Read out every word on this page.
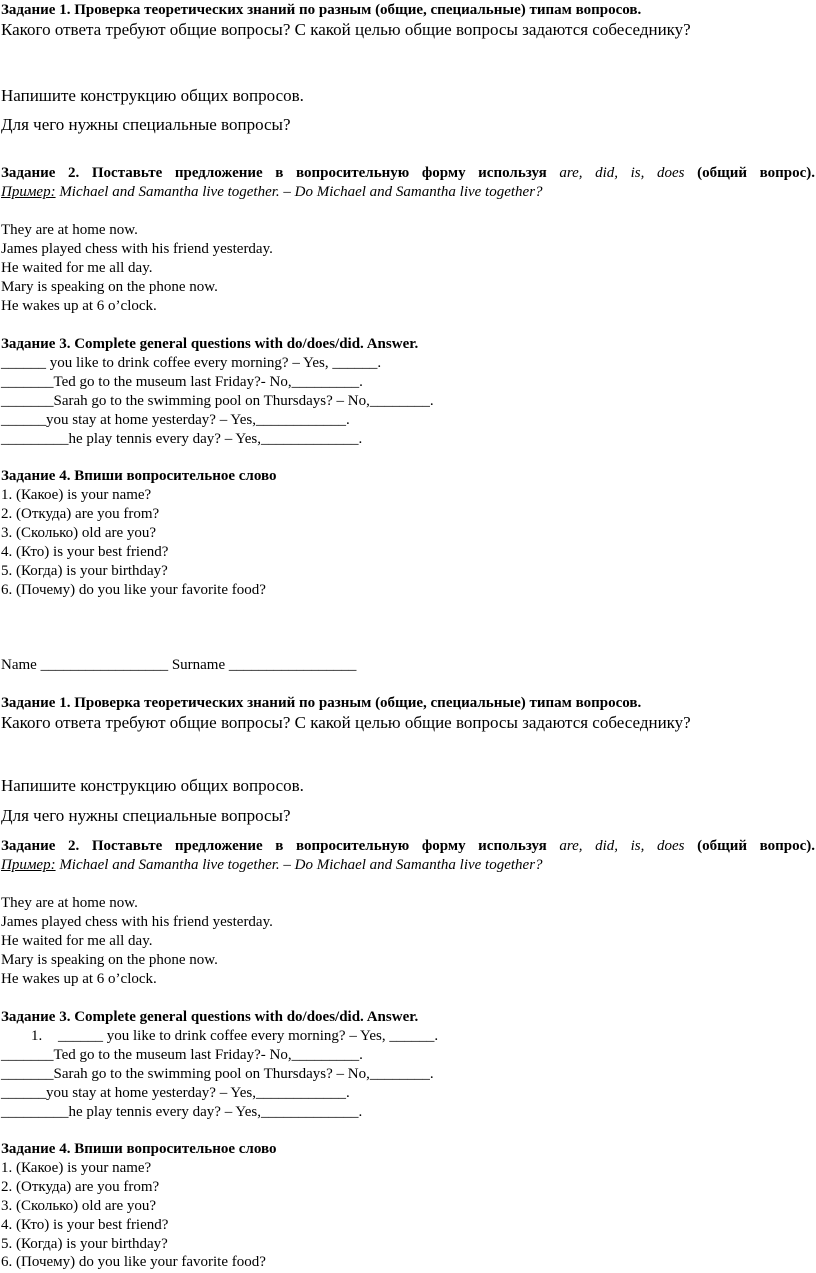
Задание 1. Проверка теоретических знаний по разным (общие, специальные) типам вопросов.
Какого ответа требуют общие вопросы? С какой целью общие вопросы задаются собеседнику?
Напишите конструкцию общих вопросов.
Для чего нужны специальные вопросы?
Задание 2. Поставьте предложение в вопросительную форму используя are, did, is, does (общий вопрос).
Пример: Michael and Samantha live together. – Do Michael and Samantha live together?
They are at home now.
James played chess with his friend yesterday.
He waited for me all day.
Mary is speaking on the phone now.
He wakes up at 6 o’clock.
Задание 3. Complete general questions with do/does/did. Answer.
______ you like to drink coffee every morning? – Yes, ______.
_______Ted go to the museum last Friday?- No,_________.
_______Sarah go to the swimming pool on Thursdays? – No,________.
______you stay at home yesterday? – Yes,____________.
_________he play tennis every day? – Yes,_____________.
Задание 4. Впиши вопросительное слово
1. (Какое) is your name?
2. (Откуда) are you from?
3. (Сколько) old are you?
4. (Кто) is your best friend?
5. (Когда) is your birthday?
6. (Почему) do you like your favorite food?
Name _________________ Surname _________________
Задание 1. Проверка теоретических знаний по разным (общие, специальные) типам вопросов.
Какого ответа требуют общие вопросы? С какой целью общие вопросы задаются собеседнику?
Напишите конструкцию общих вопросов.
Для чего нужны специальные вопросы?
Задание 2. Поставьте предложение в вопросительную форму используя are, did, is, does (общий вопрос).
Пример: Michael and Samantha live together. – Do Michael and Samantha live together?
They are at home now.
James played chess with his friend yesterday.
He waited for me all day.
Mary is speaking on the phone now.
He wakes up at 6 o’clock.
Задание 3. Complete general questions with do/does/did. Answer.
1. ______ you like to drink coffee every morning? – Yes, ______.
_______Ted go to the museum last Friday?- No,_________.
_______Sarah go to the swimming pool on Thursdays? – No,________.
______you stay at home yesterday? – Yes,____________.
_________he play tennis every day? – Yes,_____________.
Задание 4. Впиши вопросительное слово
1. (Какое) is your name?
2. (Откуда) are you from?
3. (Сколько) old are you?
4. (Кто) is your best friend?
5. (Когда) is your birthday?
6. (Почему) do you like your favorite food?
